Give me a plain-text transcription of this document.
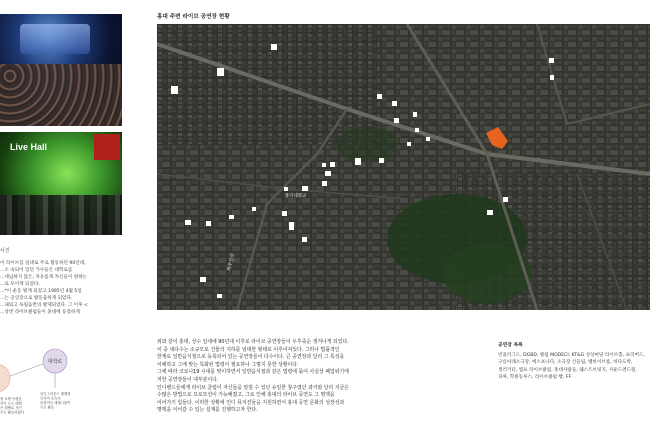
Live Hall
사진
이 라이브를 일대로 주로 활동하던 90년대,
...소 속되어 있던 가수들은 대학로를
...세넘하지 않은, 자유롭게 자신들이 원하는
...로 모이게 되었다.
...*이 운동 벌게 되었고 1995년 4월 5일
...는 공연장으로 발돋움하게 되었다.
...내퇴고 독립음반의 발제되었다. 그 이후 <
...상면 라이브클럽들이 홍대에 등장하게
대학로
인디그라운드 레벨형
독자적 소속사
문화적인 레벨그룹이
주로 활동
원 모델 독립음
인디 도모 레벨
은 레벨로 자신
주로 활동하였다.
홍대 주변 라이브 공연장 현황
홍익대학교
와우산로

위와 같이 홍대, 상수 일대에 90년대 이후로 라이브 공연장들이 우후죽순 생겨나게 되었다.

이 중 대다수는 소규모로 건물의 지하를 임대한 형태로 이루어져있다. 그러나 법률적인

한계로 일반음식점으로 등록되어 있는 공연장들이 다수이다. 큰 공연장과 달리 그 특성을

이해하고 그에 맞는 특화된 법령이 필요하나 그렇지 못한 상황이다.

그에 따라 코로나19 시대를 맞이하면서 일반음식점과 같은 법령에 묶여 사실상 폐업위기에

처한 공연장들이 대부분이다.

인디밴드들에게 라이브 클럽이 자신들을 알릴 수 있던 유일한 창구였던 과거와 달리 지금은

수많은 방법으로 프로모션이 가능해졌고, 그로 인해 홍대의 라이브 공연도 그 명맥을

이어가기 힘들다. 이러한 상황에 인디 뮤지션들을 지원하면서 홍대 공연 문화의 성장성과

명맥을 이어갈 수 있는 설계를 진행하고자 한다.

공연장 목록
빈올러그드, DGBD, 클럽 MODECI, KT&G 상상마당 라이브홀, 프리버드,
구름아래소극장, 에스프나다, 소극장 산들림, 벨바이브룸, 바다도박,
생러거터, 엠프 라이브클럽, 홍대사람들, 웨스트브릿지, 사운드엔드원,
피싸, 학원동루스, 라이브클럽 빵, FF
